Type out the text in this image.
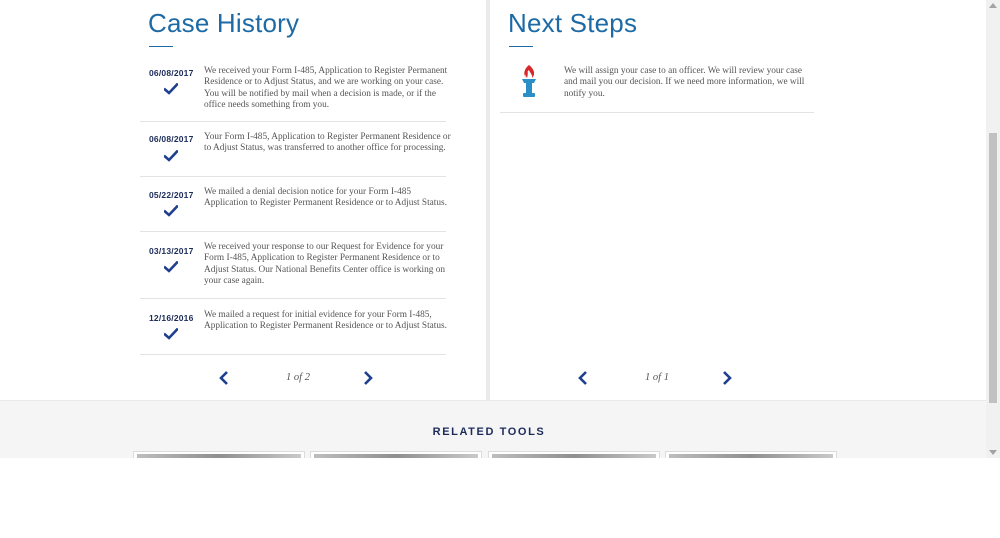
Case History
06/08/2017 We received your Form I-485, Application to Register Permanent Residence or to Adjust Status, and we are working on your case. You will be notified by mail when a decision is made, or if the office needs something from you.
06/08/2017 Your Form I-485, Application to Register Permanent Residence or to Adjust Status, was transferred to another office for processing.
05/22/2017 We mailed a denial decision notice for your Form I-485 Application to Register Permanent Residence or to Adjust Status.
03/13/2017 We received your response to our Request for Evidence for your Form I-485, Application to Register Permanent Residence or to Adjust Status. Our National Benefits Center office is working on your case again.
12/16/2016 We mailed a request for initial evidence for your Form I-485, Application to Register Permanent Residence or to Adjust Status.
1 of 2
Next Steps
We will assign your case to an officer. We will review your case and mail you our decision. If we need more information, we will notify you.
1 of 1
RELATED TOOLS
